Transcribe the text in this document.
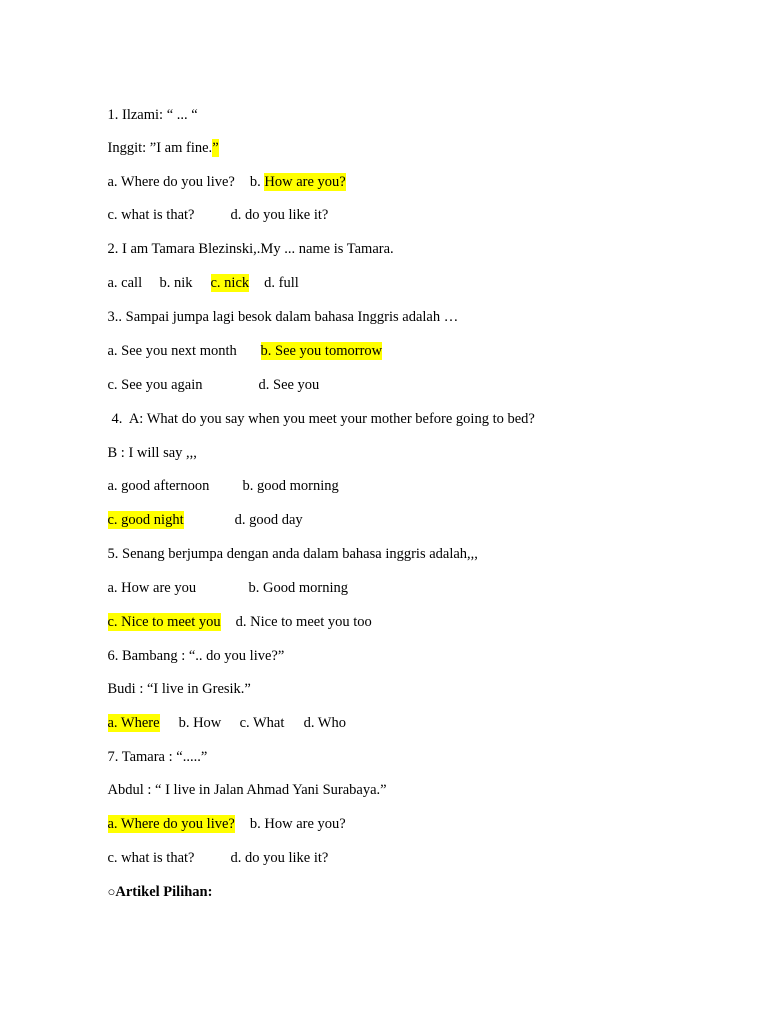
1. Ilzami: “ ... “

Inggit: ”I am fine.”

a. Where do you live? b. How are you?

c. what is that? d. do you like it?

2. I am Tamara Blezinski,.My ... name is Tamara.

a. call b. nik c. nick d. full

3.. Sampai jumpa lagi besok dalam bahasa Inggris adalah …

a. See you next month b. See you tomorrow

c. See you again	d. See you

4.  A: What do you say when you meet your mother before going to bed?

B : I will say ,,,

a. good afternoon b. good morning

c. good night	d. good day

5. Senang berjumpa dengan anda dalam bahasa inggris adalah,,,

a. How are you	b. Good morning

c. Nice to meet you d. Nice to meet you too

6. Bambang : “.. do you live?”

Budi : “I live in Gresik.”

a. Where b. How c. What d. Who

7. Tamara : “.....”

Abdul : “ I live in Jalan Ahmad Yani Surabaya.”

a. Where do you live? b. How are you?

c. what is that? d. do you like it?

○Artikel Pilihan:
